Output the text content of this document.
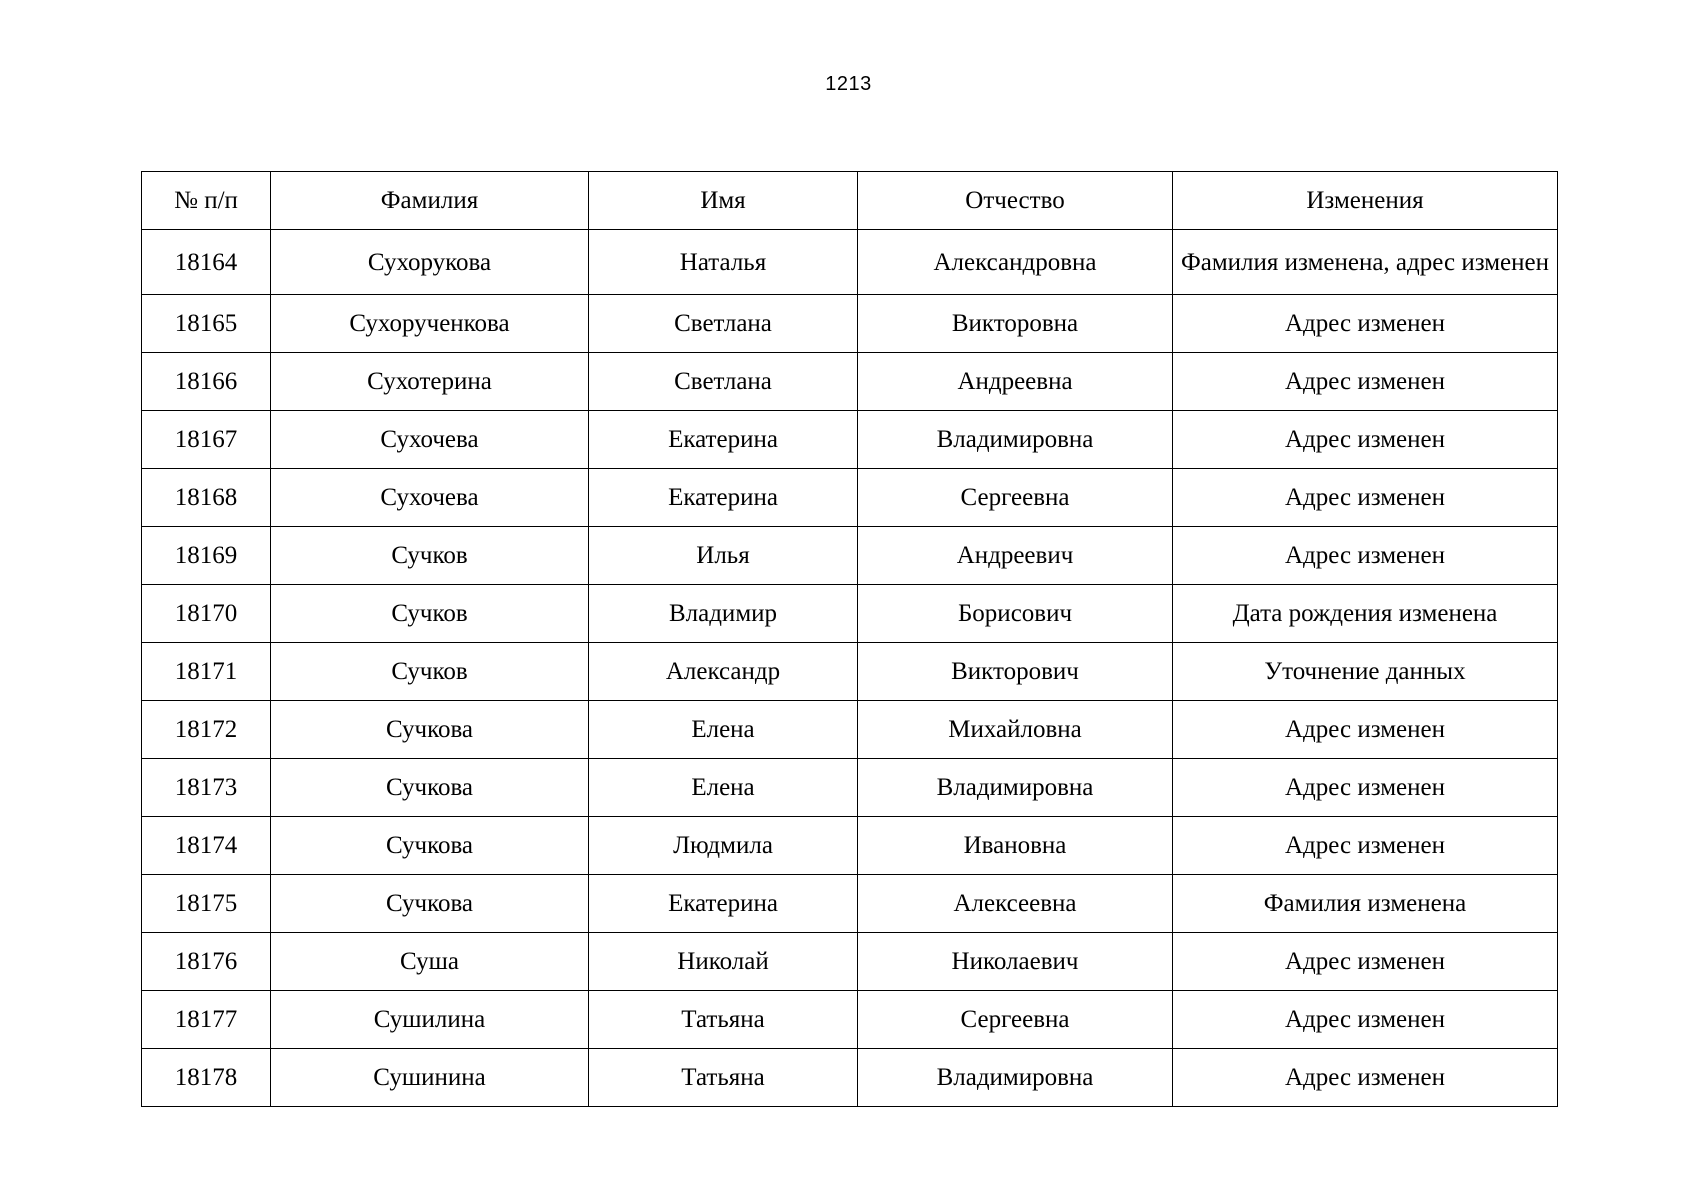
1213
№ п/п	Фамилия	Имя	Отчество	Изменения
18164	Сухорукова	Наталья	Александровна	Фамилия изменена, адрес изменен
18165	Сухорученкова	Светлана	Викторовна	Адрес изменен
18166	Сухотерина	Светлана	Андреевна	Адрес изменен
18167	Сухочева	Екатерина	Владимировна	Адрес изменен
18168	Сухочева	Екатерина	Сергеевна	Адрес изменен
18169	Сучков	Илья	Андреевич	Адрес изменен
18170	Сучков	Владимир	Борисович	Дата рождения изменена
18171	Сучков	Александр	Викторович	Уточнение данных
18172	Сучкова	Елена	Михайловна	Адрес изменен
18173	Сучкова	Елена	Владимировна	Адрес изменен
18174	Сучкова	Людмила	Ивановна	Адрес изменен
18175	Сучкова	Екатерина	Алексеевна	Фамилия изменена
18176	Суша	Николай	Николаевич	Адрес изменен
18177	Сушилина	Татьяна	Сергеевна	Адрес изменен
18178	Сушинина	Татьяна	Владимировна	Адрес изменен
